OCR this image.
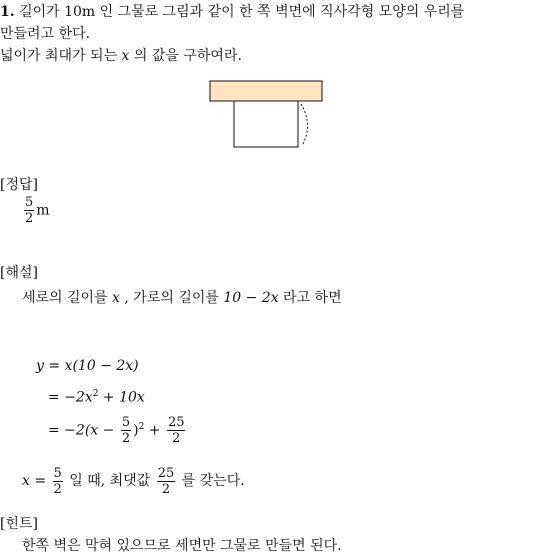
1. 길이가 10m 인 그물로 그림과 같이 한 쪽 벽면에 직사각형 모양의 우리를
만들려고 한다.
넓이가 최대가 되는 x 의 값을 구하여라.
[정답]
$\frac{5}{2}$ m
[해설]
세로의 길이를 x , 가로의 길이를 10 − 2x 라고 하면
y = x(10 − 2x)
= $-2x^2 + 10x$
= $-2(x - \frac{5}{2} )^2 + \frac{25}{2}$
$x = \frac{5}{2}$ 일 때, 최댓값 $\frac{25}{2}$ 를 갖는다.
[힌트]
한쪽 벽은 막혀 있으므로 세면만 그물로 만들면 된다.
